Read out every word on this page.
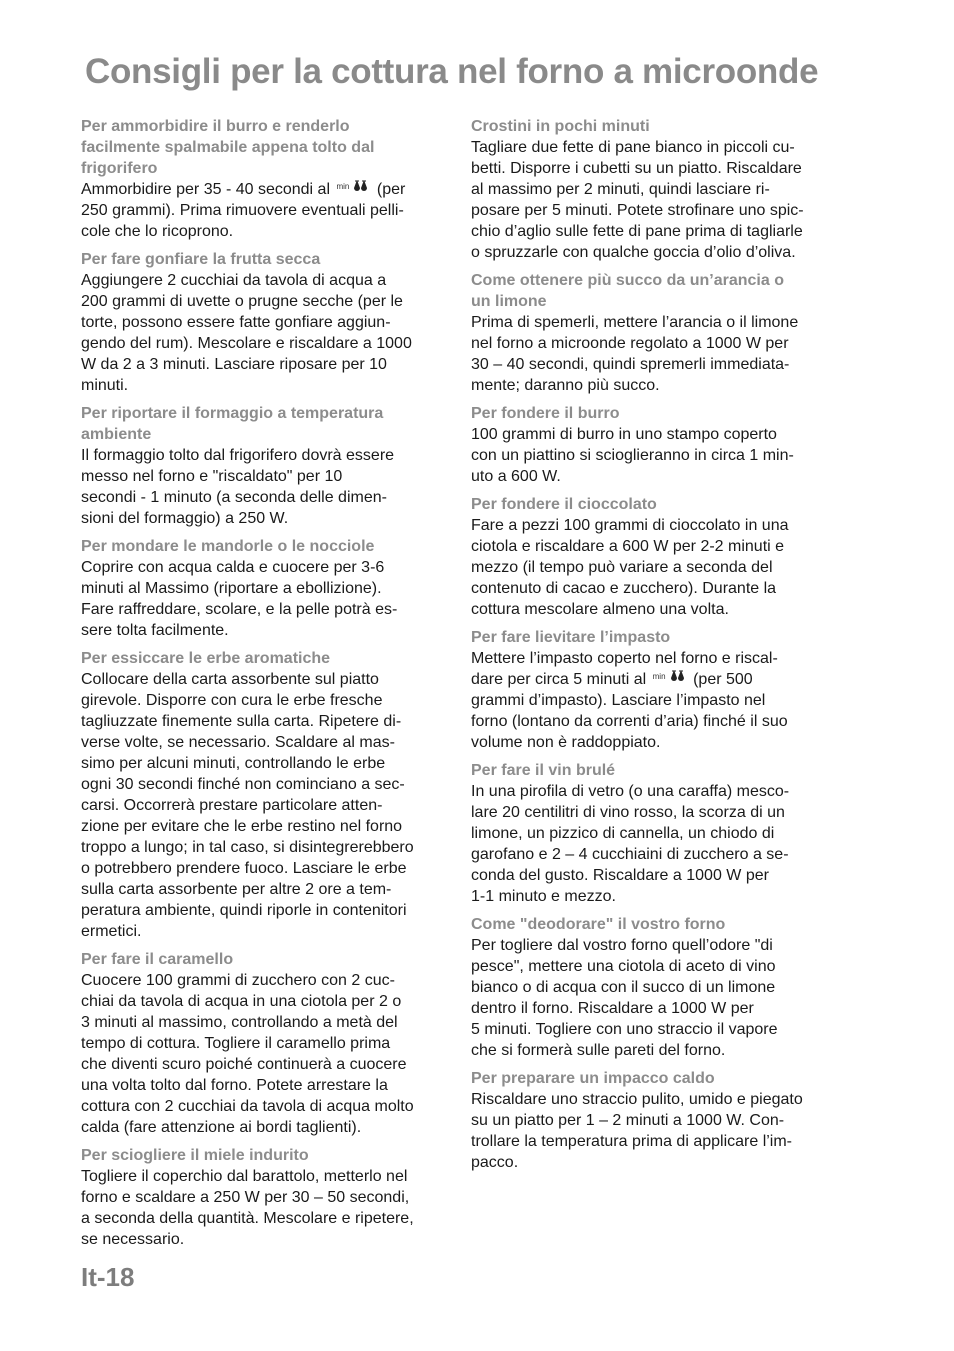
Consigli per la cottura nel forno a microonde
Per ammorbidire il burro e renderlo
facilmente spalmabile appena tolto dal
frigorifero
Ammorbidire per 35 - 40 secondi al min (per
250 grammi). Prima rimuovere eventuali pelli-
cole che lo ricoprono.
Per fare gonfiare la frutta secca
Aggiungere 2 cucchiai da tavola di acqua a
200 grammi di uvette o prugne secche (per le
torte, possono essere fatte gonfiare aggiun-
gendo del rum). Mescolare e riscaldare a 1000
W da 2 a 3 minuti. Lasciare riposare per 10
minuti.
Per riportare il formaggio a temperatura
ambiente
Il formaggio tolto dal frigorifero dovrà essere
messo nel forno e "riscaldato" per 10
secondi - 1 minuto (a seconda delle dimen-
sioni del formaggio) a 250 W.
Per mondare le mandorle o le nocciole
Coprire con acqua calda e cuocere per 3-6
minuti al Massimo (riportare a ebollizione).
Fare raffreddare, scolare, e la pelle potrà es-
sere tolta facilmente.
Per essiccare le erbe aromatiche
Collocare della carta assorbente sul piatto
girevole. Disporre con cura le erbe fresche
tagliuzzate finemente sulla carta. Ripetere di-
verse volte, se necessario. Scaldare al mas-
simo per alcuni minuti, controllando le erbe
ogni 30 secondi finché non cominciano a sec-
carsi. Occorrerà prestare particolare atten-
zione per evitare che le erbe restino nel forno
troppo a lungo; in tal caso, si disintegrerebbero
o potrebbero prendere fuoco. Lasciare le erbe
sulla carta assorbente per altre 2 ore a tem-
peratura ambiente, quindi riporle in contenitori
ermetici.
Per fare il caramello
Cuocere 100 grammi di zucchero con 2 cuc-
chiai da tavola di acqua in una ciotola per 2 o
3 minuti al massimo, controllando a metà del
tempo di cottura. Togliere il caramello prima
che diventi scuro poiché continuerà a cuocere
una volta tolto dal forno. Potete arrestare la
cottura con 2 cucchiai da tavola di acqua molto
calda (fare attenzione ai bordi taglienti).
Per sciogliere il miele indurito
Togliere il coperchio dal barattolo, metterlo nel
forno e scaldare a 250 W per 30 – 50 secondi,
a seconda della quantità. Mescolare e ripetere,
se necessario.
Crostini in pochi minuti
Tagliare due fette di pane bianco in piccoli cu-
betti. Disporre i cubetti su un piatto. Riscaldare
al massimo per 2 minuti, quindi lasciare ri-
posare per 5 minuti. Potete strofinare uno spic-
chio d’aglio sulle fette di pane prima di tagliarle
o spruzzarle con qualche goccia d’olio d’oliva.
Come ottenere più succo da un’arancia o
un limone
Prima di spemerli, mettere l’arancia o il limone
nel forno a microonde regolato a 1000 W per
30 – 40 secondi, quindi spremerli immediata-
mente; daranno più succo.
Per fondere il burro
100 grammi di burro in uno stampo coperto
con un piattino si scioglieranno in circa 1 min-
uto a 600 W.
Per fondere il cioccolato
Fare a pezzi 100 grammi di cioccolato in una
ciotola e riscaldare a 600 W per 2-2 minuti e
mezzo (il tempo può variare a seconda del
contenuto di cacao e zucchero). Durante la
cottura mescolare almeno una volta.
Per fare lievitare l’impasto
Mettere l’impasto coperto nel forno e riscal-
dare per circa 5 minuti al min (per 500
grammi d’impasto). Lasciare l’impasto nel
forno (lontano da correnti d’aria) finché il suo
volume non è raddoppiato.
Per fare il vin brulé
In una pirofila di vetro (o una caraffa) mesco-
lare 20 centilitri di vino rosso, la scorza di un
limone, un pizzico di cannella, un chiodo di
garofano e 2 – 4 cucchiaini di zucchero a se-
conda del gusto. Riscaldare a 1000 W per
1-1 minuto e mezzo.
Come "deodorare" il vostro forno
Per togliere dal vostro forno quell’odore "di
pesce", mettere una ciotola di aceto di vino
bianco o di acqua con il succo di un limone
dentro il forno. Riscaldare a 1000 W per
5 minuti. Togliere con uno straccio il vapore
che si formerà sulle pareti del forno.
Per preparare un impacco caldo
Riscaldare uno straccio pulito, umido e piegato
su un piatto per 1 – 2 minuti a 1000 W. Con-
trollare la temperatura prima di applicare l’im-
pacco.
It-18
